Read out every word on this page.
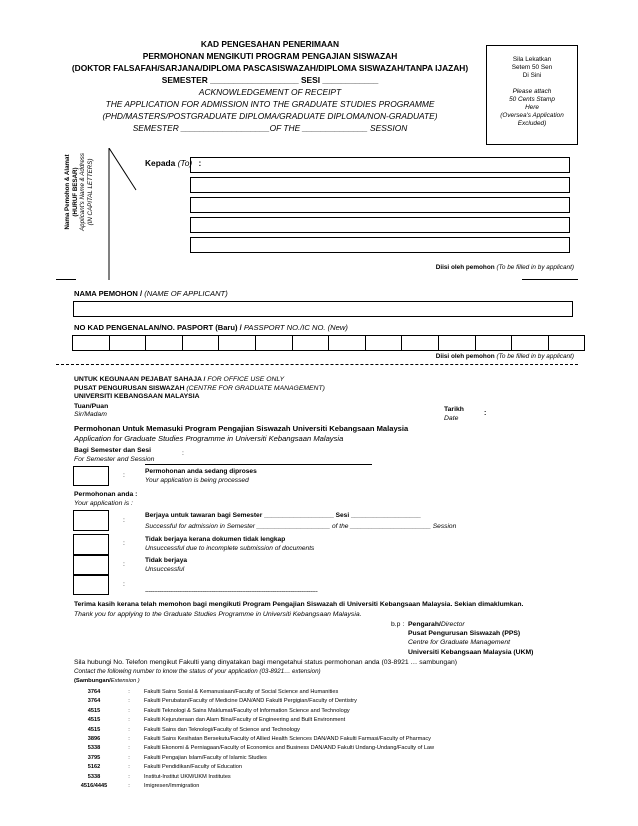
KAD PENGESAHAN PENERIMAAN
PERMOHONAN MENGIKUTI PROGRAM PENGAJIAN SISWAZAH
(DOKTOR FALSAFAH/SARJANA/DIPLOMA PASCASISWAZAH/DIPLOMA SISWAZAH/TANPA IJAZAH)
SEMESTER ___________________ SESI ____________
ACKNOWLEDGEMENT OF RECEIPT
THE APPLICATION FOR ADMISSION INTO THE GRADUATE STUDIES PROGRAMME
(PHD/MASTERS/POSTGRADUATE DIPLOMA/GRADUATE DIPLOMA/NON-GRADUATE)
SEMESTER ___________________OF THE ______________ SESSION
Sila Lekatkan
Setem 50 Sen
Di Sini
Please attach
50 Cents Stamp
Here
(Oversea's Application
Excluded)
Nama Pemohon & Alamat (HURUF BESAR) Applicant's Name & Address (IN CAPITAL LETTERS)	Kepada (To) :
Diisi oleh pemohon (To be filled in by applicant)
NAMA PEMOHON / (NAME OF APPLICANT)
NO KAD PENGENALAN/NO. PASPORT (Baru) / PASSPORT NO./IC NO. (New)
Diisi oleh pemohon (To be filled in by applicant)
UNTUK KEGUNAAN PEJABAT SAHAJA / FOR OFFICE USE ONLY
PUSAT PENGURUSAN SISWAZAH (CENTRE FOR GRADUATE MANAGEMENT)
UNIVERSITI KEBANGSAAN MALAYSIA
Tuan/Puan
Sir/Madam
Tarikh
Date
:
Permohonan Untuk Memasuki Program Pengajian Siswazah Universiti Kebangsaan Malaysia
Application for Graduate Studies Programme in Universiti Kebangsaan Malaysia
Bagi Semester dan Sesi
For Semester and Session
:
:
Permohonan anda sedang diproses
Your application is being processed
Permohonan anda :
Your application is :
:
Berjaya untuk tawaran bagi Semester ___________________ Sesi ___________________
Successful for admission in Semester ____________________ of the ______________________ Session
:
Tidak berjaya kerana dokumen tidak lengkap
Unsuccessful due to incomplete submission of documents
:
Tidak berjaya
Unsuccessful
:
------------------------------------------------------------------------------------------------
Terima kasih kerana telah memohon bagi mengikuti Program Pengajian Siswazah di Universiti Kebangsaan Malaysia. Sekian dimaklumkan.
Thank you for applying to the Graduate Studies Programme in Universiti Kebangsaan Malaysia.
b.p : Pengarah/Director
Pusat Pengurusan Siswazah (PPS)
Centre for Graduate Management
Universiti Kebangsaan Malaysia (UKM)
Sila hubungi No. Telefon mengikut Fakulti yang dinyatakan bagi mengetahui status permohonan anda (03-8921 … sambungan)
Contact the following number to know the status of your application (03-8921… extension)
(Sambungan/Extension )
3764	:	Fakulti Sains Sosial & Kemanusiaan/Faculty of Social Science and Humanities
3764	:	Fakulti Perubatan/Faculty of Medicine DAN/AND Fakulti Pergigian/Faculty of Dentistry
4515	:	Fakulti Teknologi & Sains Maklumat/Faculty of Information Science and Technology
4515	:	Fakulti Kejuruteraan dan Alam Bina/Faculty of Engineering and Built Environment
4515	:	Fakulti Sains dan Teknologi/Faculty of Science and Technology
3896	:	Fakulti Sains Kesihatan Bersekutu/Faculty of Allied Health Sciences DAN/AND Fakulti Farmasi/Faculty of Pharmacy
5338	:	Fakulti Ekonomi & Perniagaan/Faculty of Economics and Business DAN/AND Fakulti Undang-Undang/Faculty of Law
3795	:	Fakulti Pengajian Islam/Faculty of Islamic Studies
5162	:	Fakulti Pendidikan/Faculty of Education
5338	:	Institut-Institut UKM/UKM Institutes
4516/4445	:	Imigresen/Immigration
